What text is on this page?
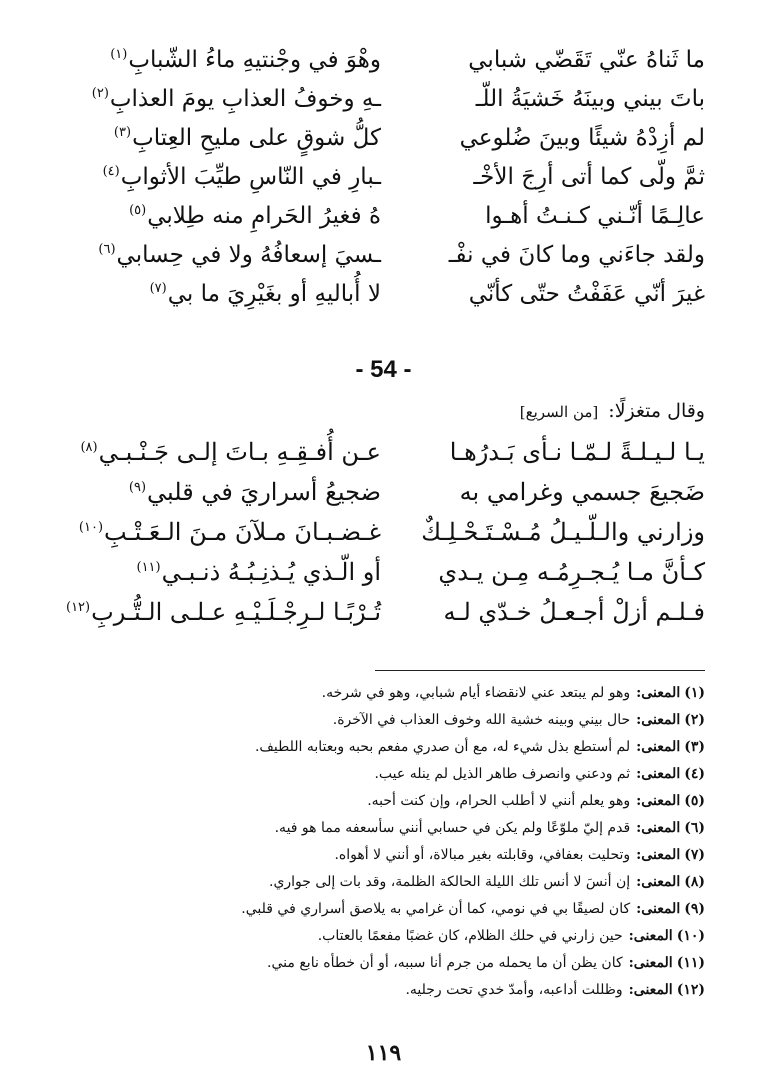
ما ثَناهُ عنّي تَقَضّي شبابي
وهْوَ في وجْنتيهِ ماءُ الشّبابِ$^{(١)}$
باتَ بيني وبينَهُ خَشيَةُ اللّـ
ـهِ وخوفُ العذابِ يومَ العذابِ$^{(٢)}$
لم أزِدْهُ شيئًا وبينَ ضُلوعي
كلُّ شوقٍ على مليحِ العِتابِ$^{(٣)}$
ثمَّ ولّى كما أتى أرِجَ الأخْـ
ـبارِ في النّاسِ طيِّبَ الأثوابِ$^{(٤)}$
عالِـمًا أنّـني كـنـتُ أهـوا
هُ فغيرُ الحَرامِ منه طِلابي$^{(٥)}$
ولقد جاءَني وما كانَ في نفْـ
ـسيَ إسعافُهُ ولا في حِسابي$^{(٦)}$
غيرَ أنّي عَفَفْتُ حتّى كأنّي
لا أُباليهِ أو بغَيْرِيَ ما بي$^{(٧)}$
- 54 -
وقال متغزلًا: [من السريع]
يـا لـيـلـةً لـمّـا نـأى بَـدرُهـا
عـن أُفـقِـهِ بـاتَ إلـى جَـنْـبـي$^{(٨)}$
ضَجيعَ جسمي وغرامي به
ضجيعُ أسراريَ في قلبي$^{(٩)}$
وزارني والـلّـيـلُ مُـسْـتَـحْـلِـكٌ
غـضـبـانَ مـلآنَ مـنَ الـعَـتْـبِ$^{(١٠)}$
كـأنَّ مـا يُـجـرِمُـه مِـن يـدي
أو الّـذي يُـذنِـبُـهُ ذنـبـي$^{(١١)}$
فـلـم أزلْ أجـعـلُ خـدّي لـه
تُـرْبًـا لـرِجْـلَـيْـهِ عـلـى الـتُّـربِ$^{(١٢)}$
(١)المعنى:وهو لم يبتعد عني لانقضاء أيام شبابي، وهو في شرخه.
(٢)المعنى:حال بيني وبينه خشية الله وخوف العذاب في الآخرة.
(٣)المعنى:لم أستطع بذل شيء له، مع أن صدري مفعم بحبه وبعتابه اللطيف.
(٤)المعنى:ثم ودعني وانصرف طاهر الذيل لم ينله عيب.
(٥)المعنى:وهو يعلم أنني لا أطلب الحرام، وإن كنت أحبه.
(٦)المعنى:قدم إليّ ملوّعًا ولم يكن في حسابي أنني سأسعفه مما هو فيه.
(٧)المعنى:وتحليت بعفافي، وقابلته بغير مبالاة، أو أنني لا أهواه.
(٨)المعنى:إن أنسَ لا أنس تلك الليلة الحالكة الظلمة، وقد بات إلى جواري.
(٩)المعنى:كان لصيقًا بي في نومي، كما أن غرامي به يلاصق أسراري في قلبي.
(١٠)المعنى:حين زارني في حلك الظلام، كان غضبًا مفعمًا بالعتاب.
(١١)المعنى:كان يظن أن ما يحمله من جرم أنا سببه، أو أن خطأه نابع مني.
(١٢)المعنى:وظللت أداعبه، وأمدّ خدي تحت رجليه.
١١٩
